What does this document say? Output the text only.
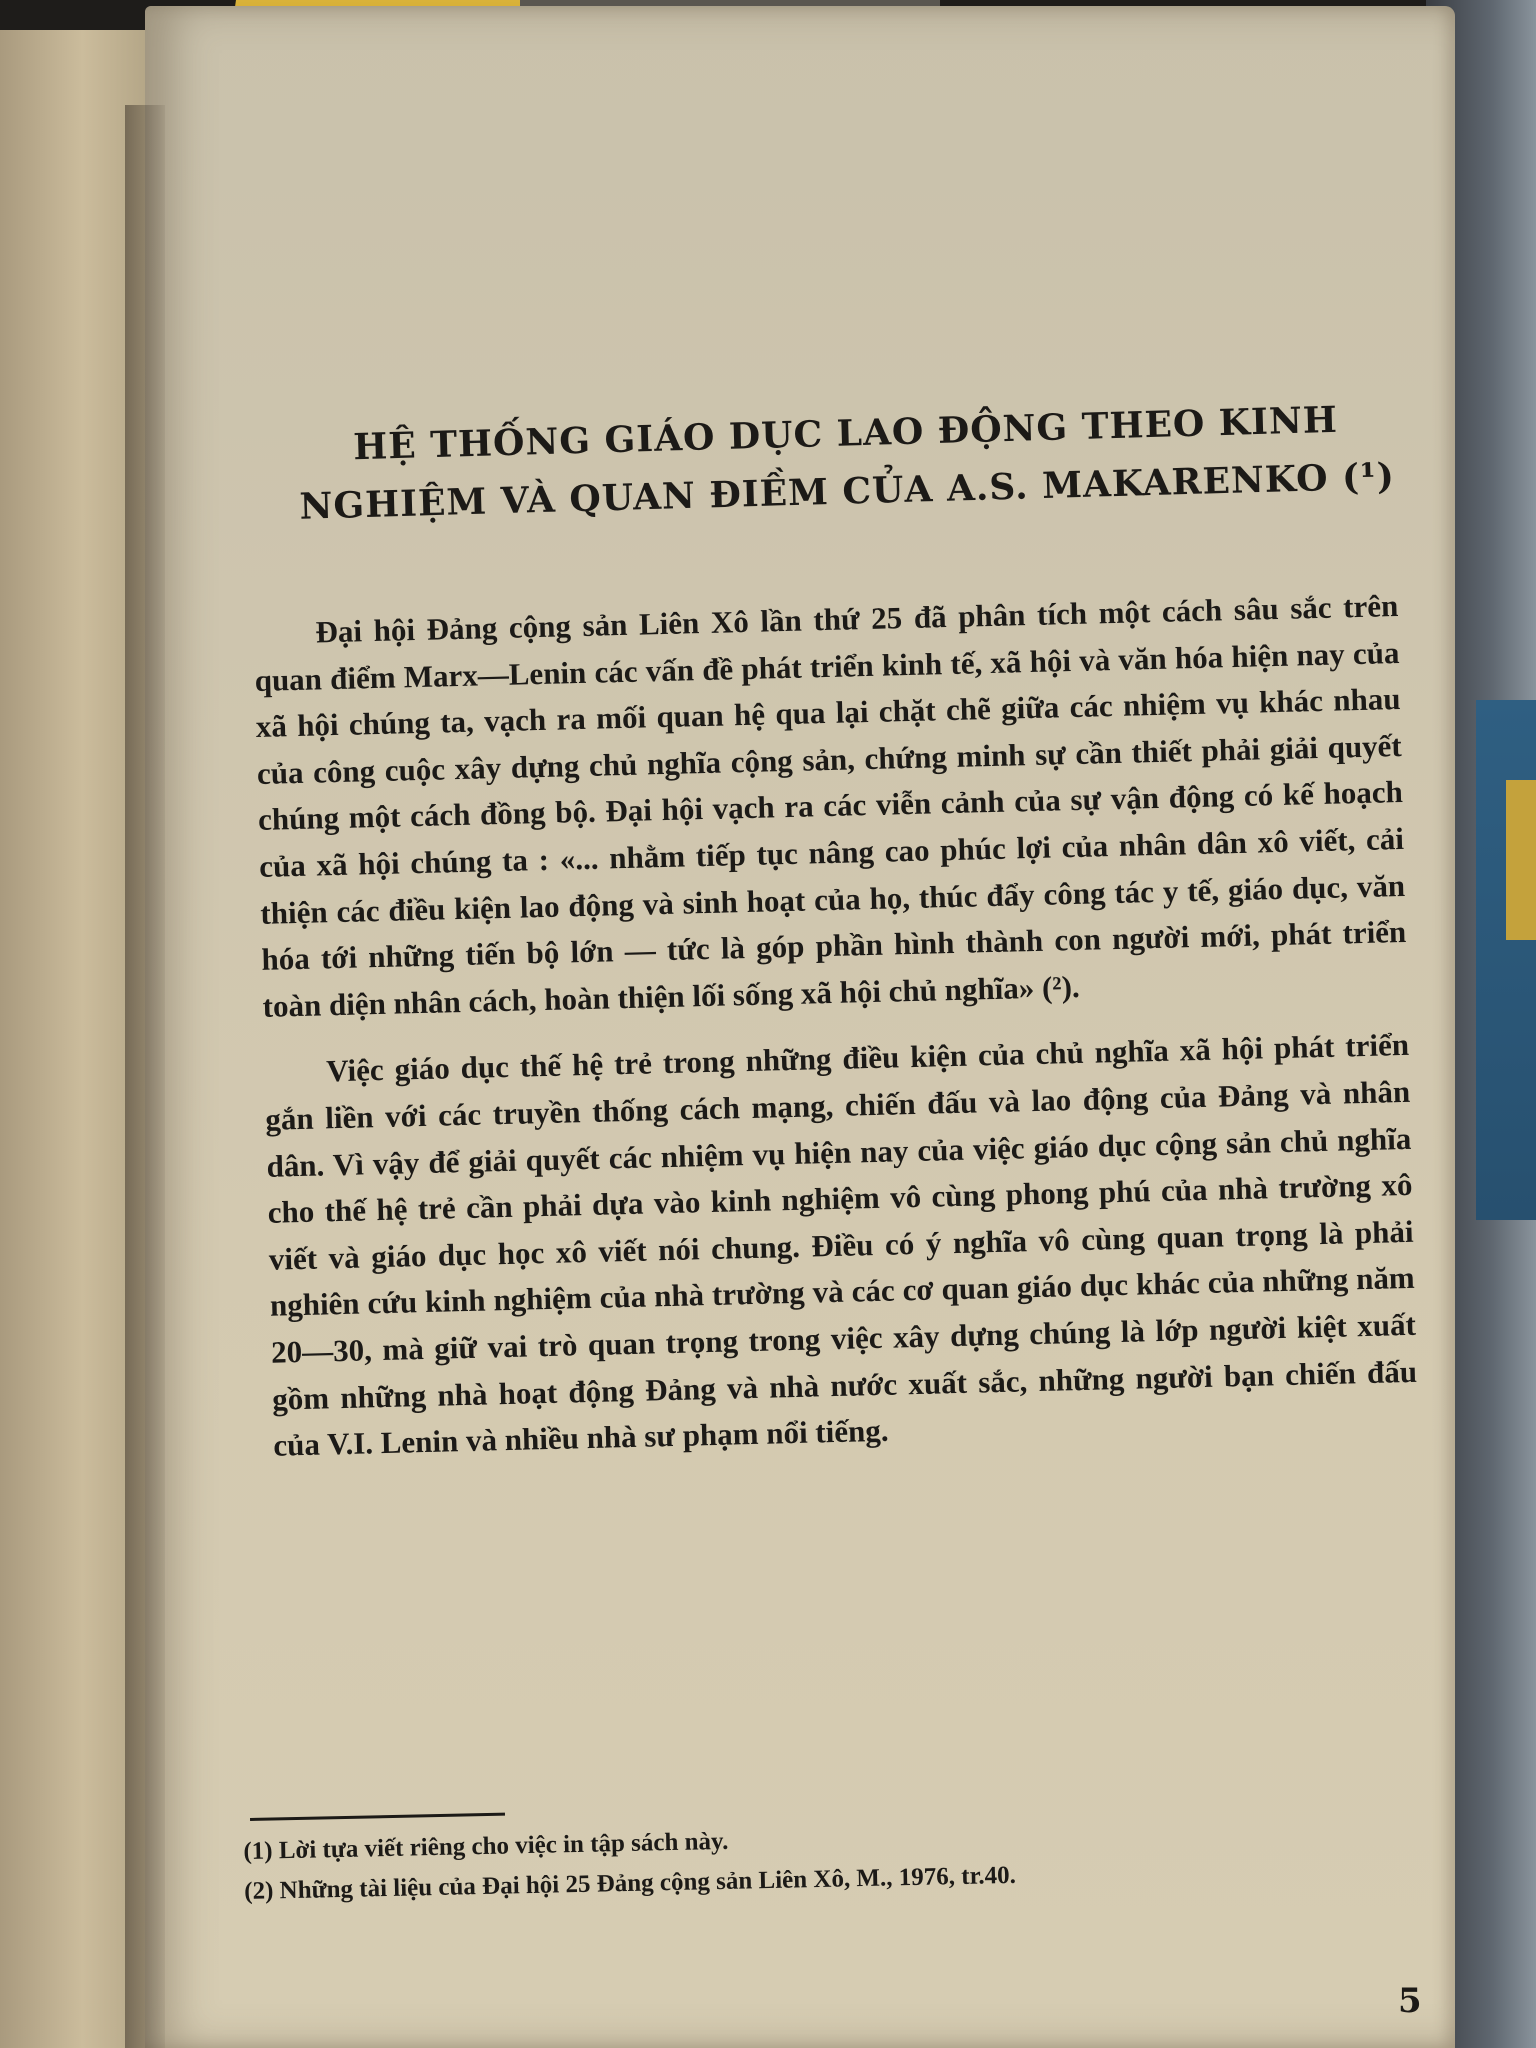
HỆ THỐNG GIÁO DỤC LAO ĐỘNG THEO KINH
NGHIỆM VÀ QUAN ĐIỀM CỦA A.S. MAKARENKO (¹)

Đại hội Đảng cộng sản Liên Xô lần thứ 25 đã phân tích một cách sâu sắc trên quan điểm Marx—Lenin các vấn đề phát triển kinh tế, xã hội và văn hóa hiện nay của xã hội chúng ta, vạch ra mối quan hệ qua lại chặt chẽ giữa các nhiệm vụ khác nhau của công cuộc xây dựng chủ nghĩa cộng sản, chứng minh sự cần thiết phải giải quyết chúng một cách đồng bộ. Đại hội vạch ra các viễn cảnh của sự vận động có kế hoạch của xã hội chúng ta : «... nhằm tiếp tục nâng cao phúc lợi của nhân dân xô viết, cải thiện các điều kiện lao động và sinh hoạt của họ, thúc đẩy công tác y tế, giáo dục, văn hóa tới những tiến bộ lớn — tức là góp phần hình thành con người mới, phát triển toàn diện nhân cách, hoàn thiện lối sống xã hội chủ nghĩa» (²).

Việc giáo dục thế hệ trẻ trong những điều kiện của chủ nghĩa xã hội phát triển gắn liền với các truyền thống cách mạng, chiến đấu và lao động của Đảng và nhân dân. Vì vậy để giải quyết các nhiệm vụ hiện nay của việc giáo dục cộng sản chủ nghĩa cho thế hệ trẻ cần phải dựa vào kinh nghiệm vô cùng phong phú của nhà trường xô viết và giáo dục học xô viết nói chung. Điều có ý nghĩa vô cùng quan trọng là phải nghiên cứu kinh nghiệm của nhà trường và các cơ quan giáo dục khác của những năm 20—30, mà giữ vai trò quan trọng trong việc xây dựng chúng là lớp người kiệt xuất gồm những nhà hoạt động Đảng và nhà nước xuất sắc, những người bạn chiến đấu của V.I. Lenin và nhiều nhà sư phạm nổi tiếng.

(1) Lời tựa viết riêng cho việc in tập sách này.

(2) Những tài liệu của Đại hội 25 Đảng cộng sản Liên Xô, M., 1976, tr.40.

5
